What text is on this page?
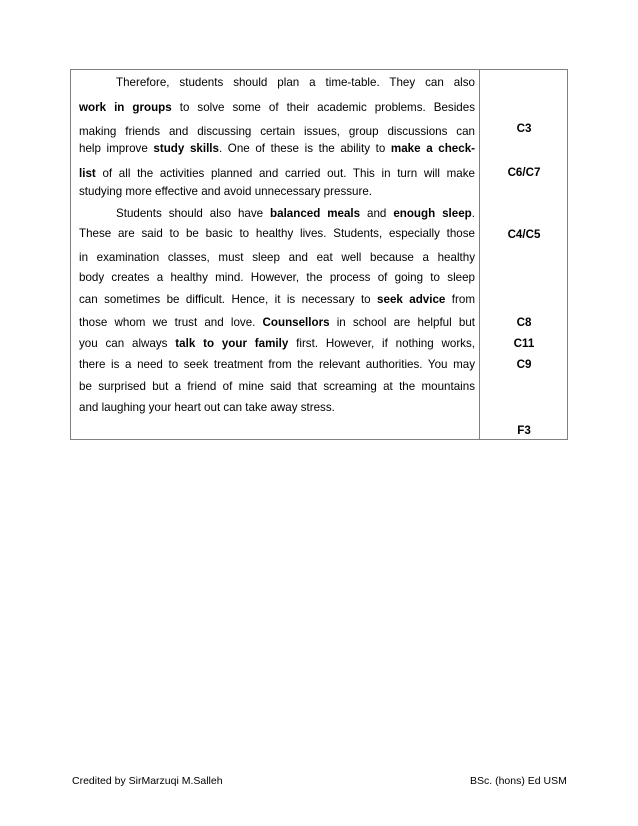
Therefore, students should plan a time-table. They can also
work in groups to solve some of their academic problems. Besides
making friends and discussing certain issues, group discussions can
help improve study skills. One of these is the ability to make a check-
list of all the activities planned and carried out. This in turn will make
studying more effective and avoid unnecessary pressure.
Students should also have balanced meals and enough sleep.
These are said to be basic to healthy lives. Students, especially those
in examination classes, must sleep and eat well because a healthy
body creates a healthy mind. However, the process of going to sleep
can sometimes be difficult. Hence, it is necessary to seek advice from
those whom we trust and love. Counsellors in school are helpful but
you can always talk to your family first. However, if nothing works,
there is a need to seek treatment from the relevant authorities. You may
be surprised but a friend of mine said that screaming at the mountains
and laughing your heart out can take away stress.
C3
C6/C7
C4/C5
C8
C11
C9
F3
Credited by SirMarzuqi M.Salleh	BSc. (hons) Ed USM
